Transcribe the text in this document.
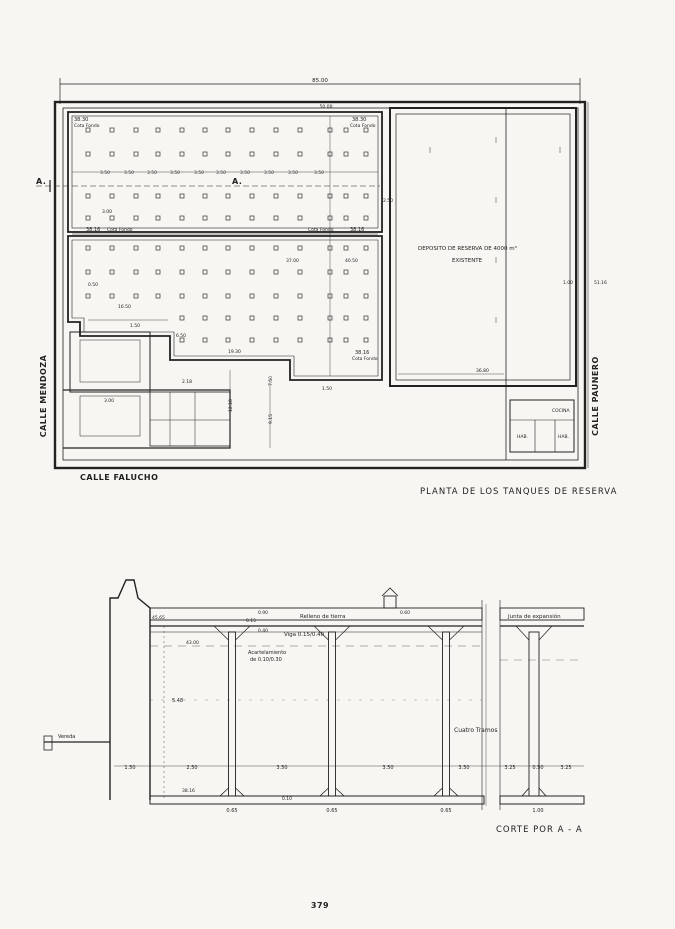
3.50	3.50	3.50	3.50	3.50	3.50	3.50	3.50	3.50	3.50
85.00
50.00
51.16
A.	A.
38.30
Cota Fondo
38.30
Cota Fondo
38.16 Cota Fondo	Cota Fondo	38.16
38.16
Cota Fondo
DEPOSITO DE RESERVA DE 4000 m³
EXISTENTE
3.00
37.00	40.50
16.50
19.30
36.80
12.18
9.15
2.18	7.50
1.50
0.50
6.50
2.50
1.00
1.50
3.00
COCINA
HAB.	HAB.
CALLE MENDOZA
CALLE FALUCHO
CALLE PAUNERO
PLANTA DE LOS TANQUES DE RESERVA
Relleno de tierra	Junta de expansión
Viga 0.15/0.40
Acartelamiento
de 0.10/0.30
Cuatro Tramos
Vereda
45.65
43.00
38.16
5.48
0.90
0.40
0.60
0.15
0.10
1.50	2.50	3.50	3.50	3.50	3.25	0.50	3.25
0.65	0.65	0.65	1.00
CORTE POR A - A
379
